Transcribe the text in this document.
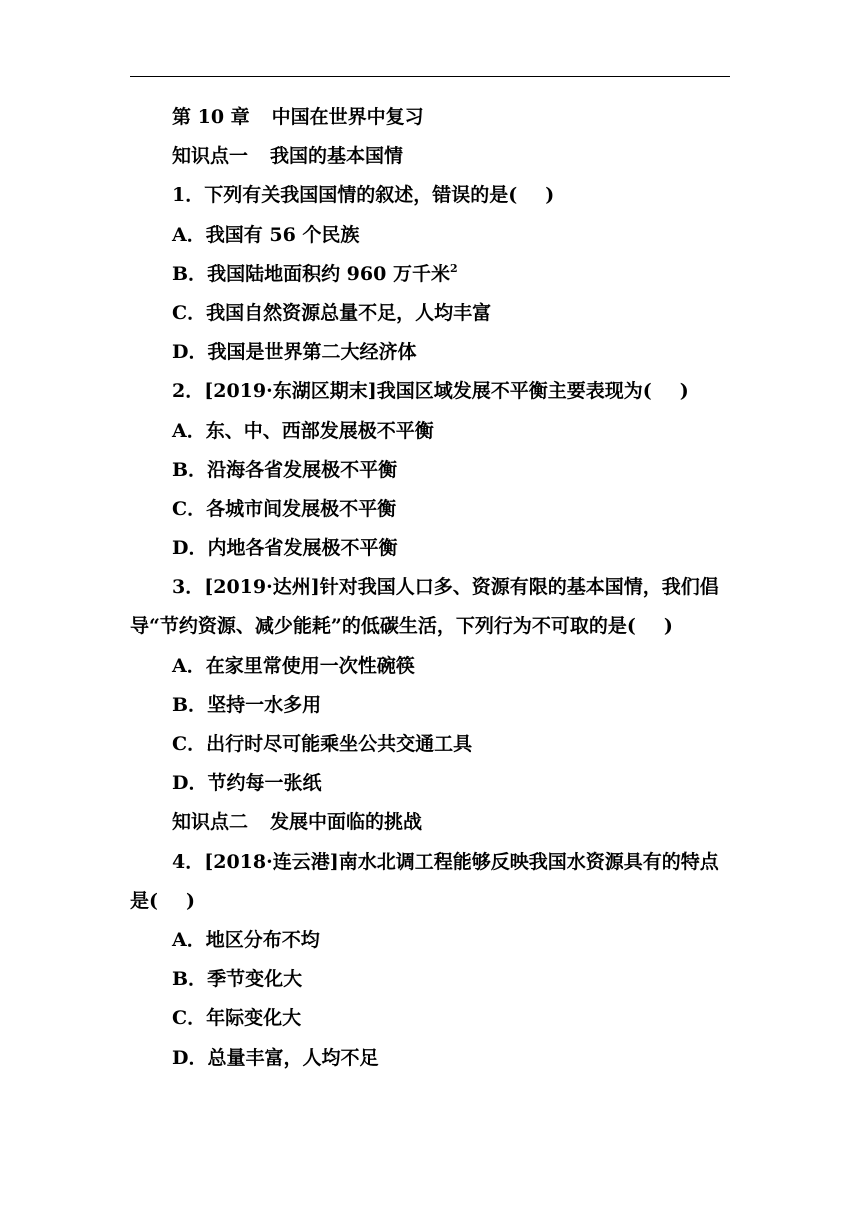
第 10 章 中国在世界中复习
知识点一 我国的基本国情
1．下列有关我国国情的叙述，错误的是( )
A．我国有 56 个民族
B．我国陆地面积约 960 万千米$^2$
C．我国自然资源总量不足，人均丰富
D．我国是世界第二大经济体
2．[2019·东湖区期末]我国区域发展不平衡主要表现为( )
A．东、中、西部发展极不平衡
B．沿海各省发展极不平衡
C．各城市间发展极不平衡
D．内地各省发展极不平衡
3．[2019·达州]针对我国人口多、资源有限的基本国情，我们倡
导“节约资源、减少能耗”的低碳生活，下列行为不可取的是( )
A．在家里常使用一次性碗筷
B．坚持一水多用
C．出行时尽可能乘坐公共交通工具
D．节约每一张纸
知识点二 发展中面临的挑战
4．[2018·连云港]南水北调工程能够反映我国水资源具有的特点
是( )
A．地区分布不均
B．季节变化大
C．年际变化大
D．总量丰富，人均不足
